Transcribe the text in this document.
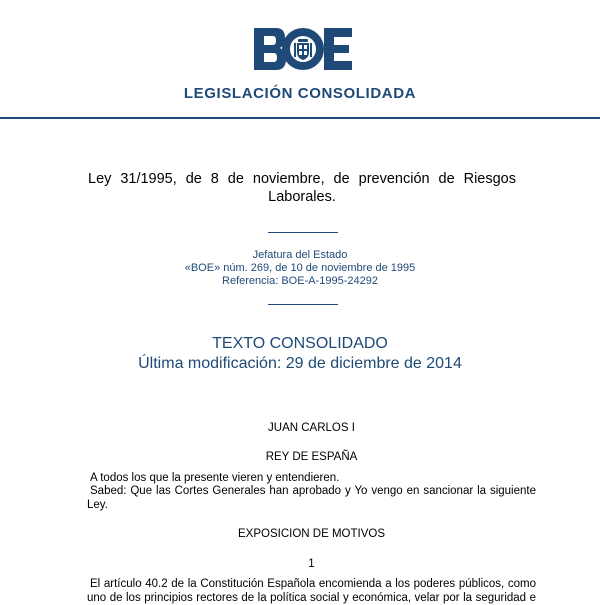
LEGISLACIÓN CONSOLIDADA
Ley 31/1995, de 8 de noviembre, de prevención de Riesgos
Laborales.
Jefatura del Estado
«BOE» núm. 269, de 10 de noviembre de 1995
Referencia: BOE-A-1995-24292
TEXTO CONSOLIDADO
Última modificación: 29 de diciembre de 2014
JUAN CARLOS I
REY DE ESPAÑA
A todos los que la presente vieren y entendieren.
Sabed: Que las Cortes Generales han aprobado y Yo vengo en sancionar la siguiente
Ley.
EXPOSICION DE MOTIVOS
1
El artículo 40.2 de la Constitución Española encomienda a los poderes públicos, como
uno de los principios rectores de la política social y económica, velar por la seguridad e
